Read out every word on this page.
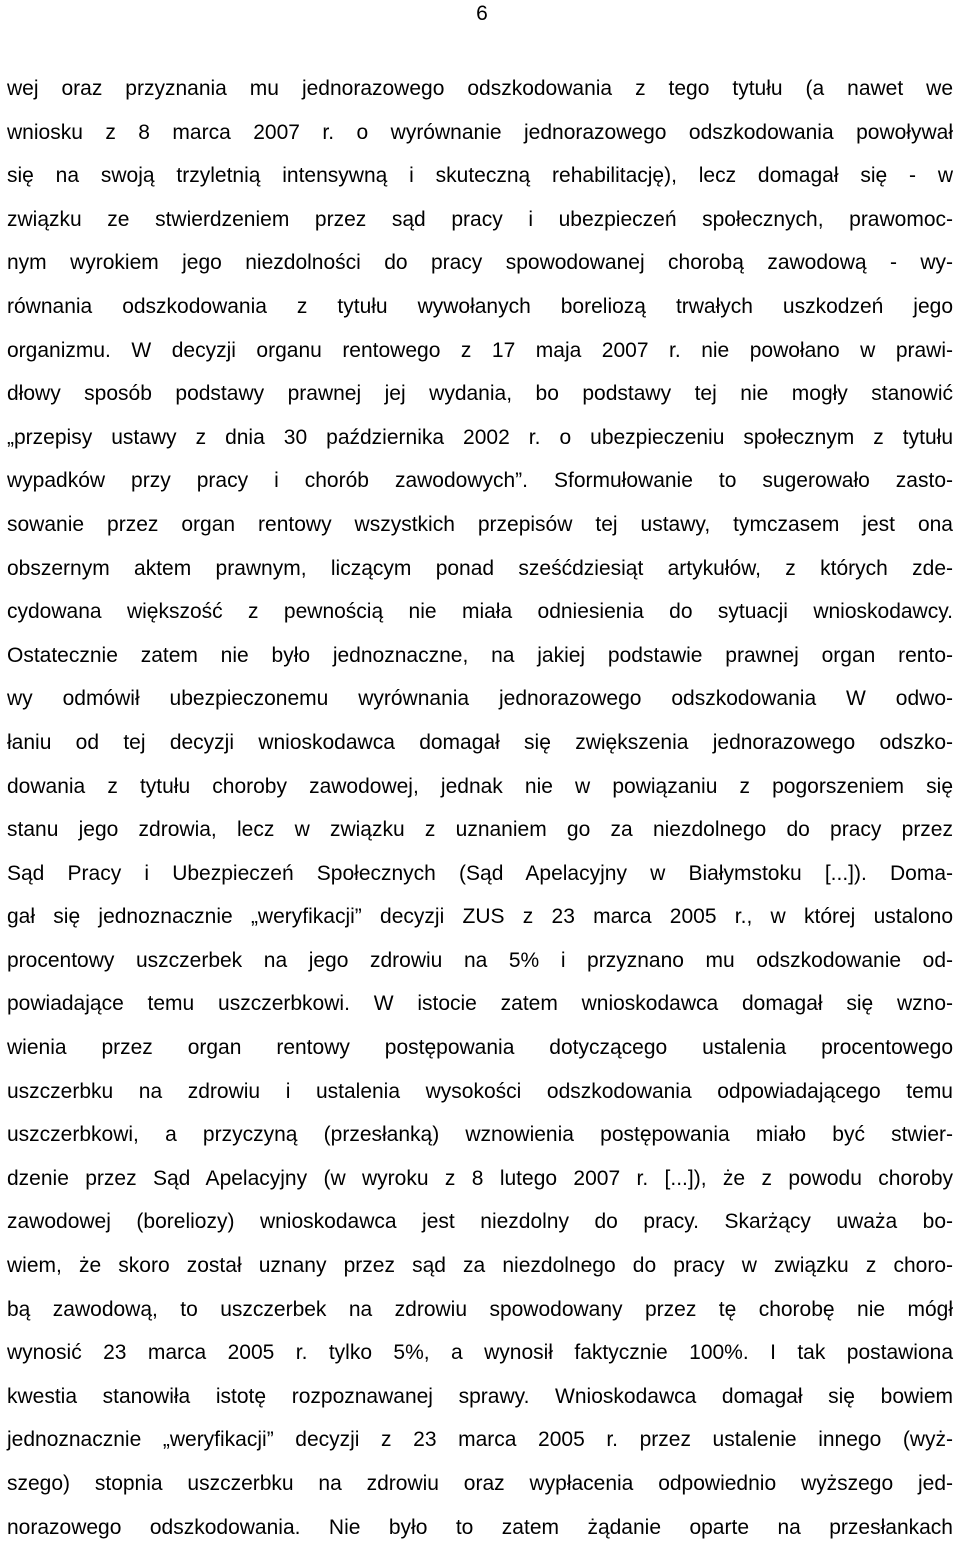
6
wej oraz przyznania mu jednorazowego odszkodowania z tego tytułu (a nawet we
wniosku z 8 marca 2007 r. o wyrównanie jednorazowego odszkodowania powoływał
się na swoją trzyletnią intensywną i skuteczną rehabilitację), lecz domagał się - w
związku ze stwierdzeniem przez sąd pracy i ubezpieczeń społecznych, prawomoc-
nym wyrokiem jego niezdolności do pracy spowodowanej chorobą zawodową - wy-
równania odszkodowania z tytułu wywołanych boreliozą trwałych uszkodzeń jego
organizmu. W decyzji organu rentowego z 17 maja 2007 r. nie powołano w prawi-
dłowy sposób podstawy prawnej jej wydania, bo podstawy tej nie mogły stanowić
„przepisy ustawy z dnia 30 października 2002 r. o ubezpieczeniu społecznym z tytułu
wypadków przy pracy i chorób zawodowych”. Sformułowanie to sugerowało zasto-
sowanie przez organ rentowy wszystkich przepisów tej ustawy, tymczasem jest ona
obszernym aktem prawnym, liczącym ponad sześćdziesiąt artykułów, z których zde-
cydowana większość z pewnością nie miała odniesienia do sytuacji wnioskodawcy.
Ostatecznie zatem nie było jednoznaczne, na jakiej podstawie prawnej organ rento-
wy odmówił ubezpieczonemu wyrównania jednorazowego odszkodowania W odwo-
łaniu od tej decyzji wnioskodawca domagał się zwiększenia jednorazowego odszko-
dowania z tytułu choroby zawodowej, jednak nie w powiązaniu z pogorszeniem się
stanu jego zdrowia, lecz w związku z uznaniem go za niezdolnego do pracy przez
Sąd Pracy i Ubezpieczeń Społecznych (Sąd Apelacyjny w Białymstoku [...]). Doma-
gał się jednoznacznie „weryfikacji” decyzji ZUS z 23 marca 2005 r., w której ustalono
procentowy uszczerbek na jego zdrowiu na 5% i przyznano mu odszkodowanie od-
powiadające temu uszczerbkowi. W istocie zatem wnioskodawca domagał się wzno-
wienia przez organ rentowy postępowania dotyczącego ustalenia procentowego
uszczerbku na zdrowiu i ustalenia wysokości odszkodowania odpowiadającego temu
uszczerbkowi, a przyczyną (przesłanką) wznowienia postępowania miało być stwier-
dzenie przez Sąd Apelacyjny (w wyroku z 8 lutego 2007 r. [...]), że z powodu choroby
zawodowej (boreliozy) wnioskodawca jest niezdolny do pracy. Skarżący uważa bo-
wiem, że skoro został uznany przez sąd za niezdolnego do pracy w związku z choro-
bą zawodową, to uszczerbek na zdrowiu spowodowany przez tę chorobę nie mógł
wynosić 23 marca 2005 r. tylko 5%, a wynosił faktycznie 100%. I tak postawiona
kwestia stanowiła istotę rozpoznawanej sprawy. Wnioskodawca domagał się bowiem
jednoznacznie „weryfikacji” decyzji z 23 marca 2005 r. przez ustalenie innego (wyż-
szego) stopnia uszczerbku na zdrowiu oraz wypłacenia odpowiednio wyższego jed-
norazowego odszkodowania. Nie było to zatem żądanie oparte na przesłankach
